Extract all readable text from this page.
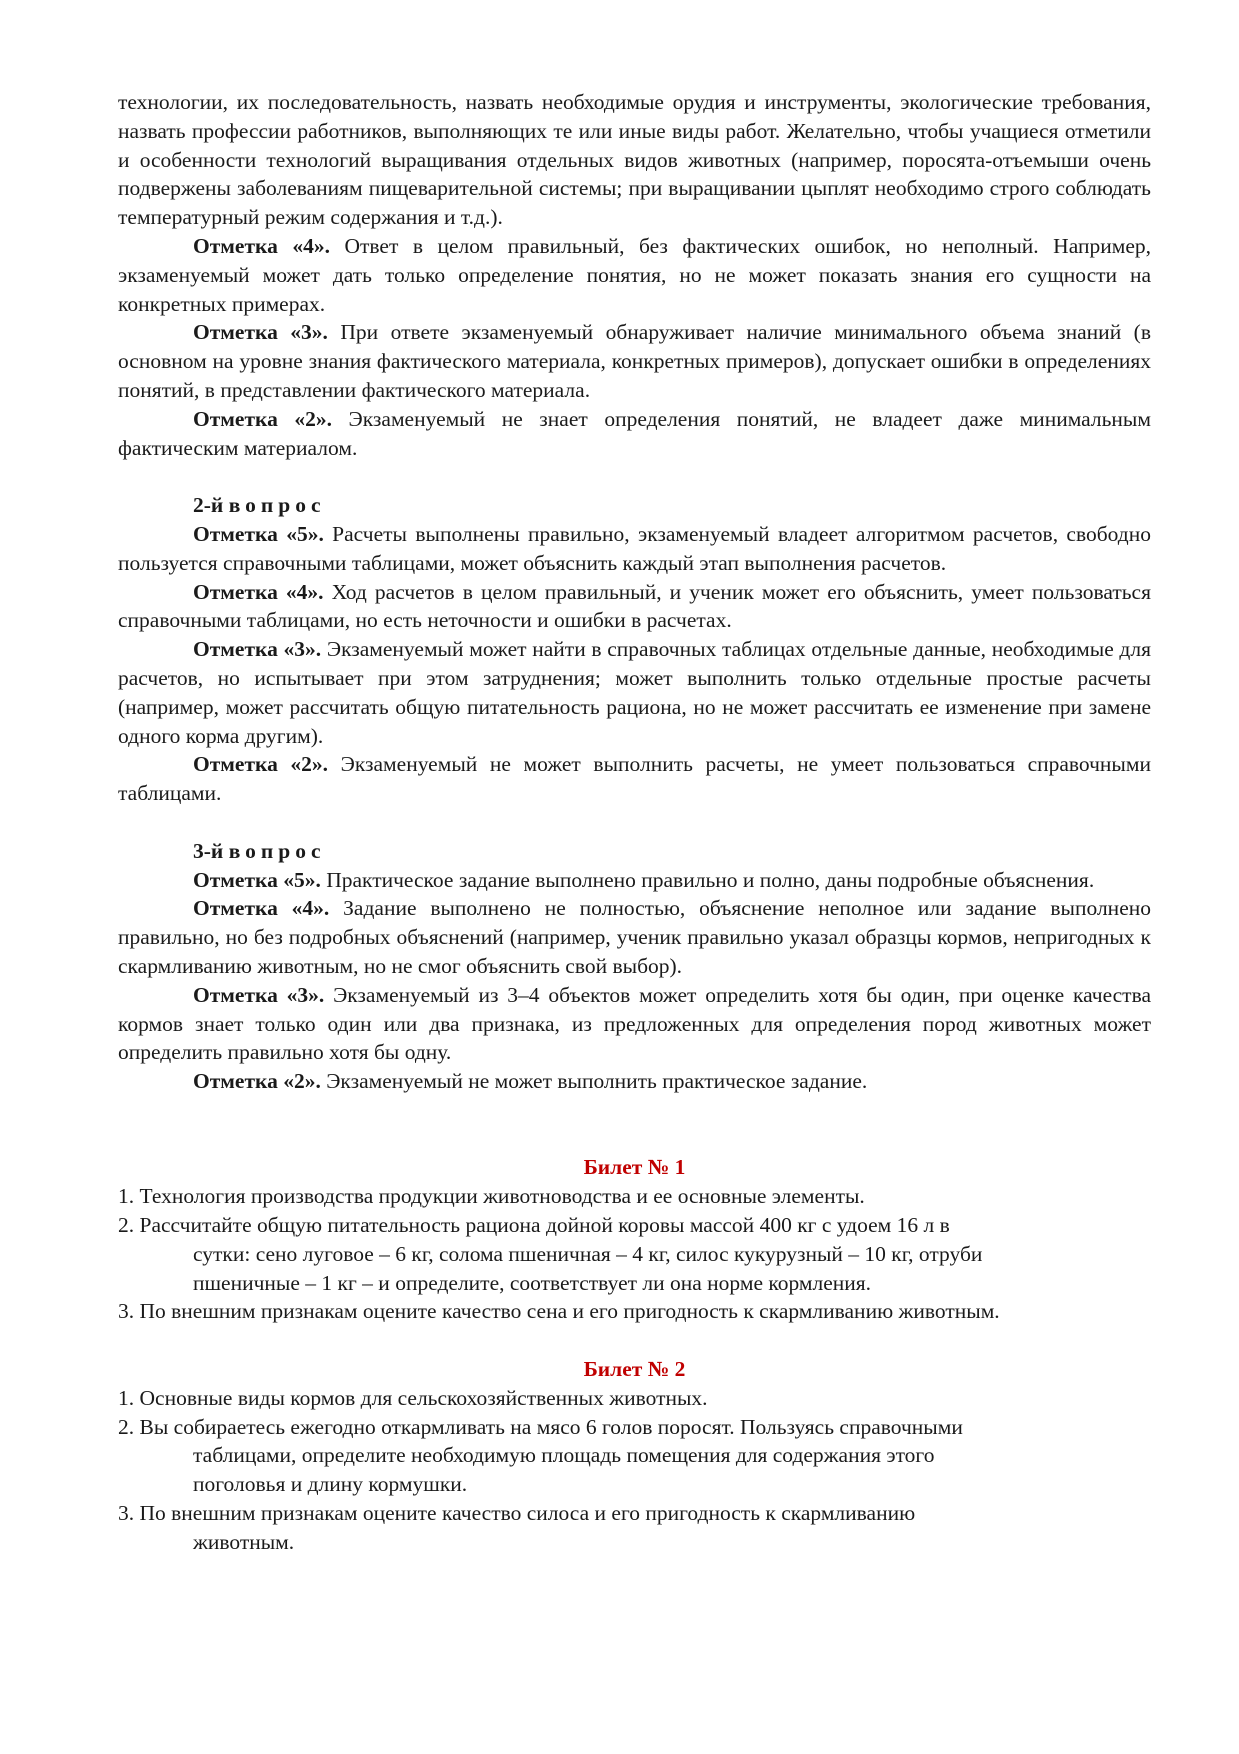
технологии, их последовательность, назвать необходимые орудия и инструменты, экологические требования, назвать профессии работников, выполняющих те или иные виды работ. Желательно, чтобы учащиеся отметили и особенности технологий выращивания отдельных видов животных (например, поросята-отъемыши очень подвержены заболеваниям пищеварительной системы; при выращивании цыплят необходимо строго соблюдать температурный режим содержания и т.д.).

Отметка «4». Ответ в целом правильный, без фактических ошибок, но неполный. Например, экзаменуемый может дать только определение понятия, но не может показать знания его сущности на конкретных примерах.

Отметка «3». При ответе экзаменуемый обнаруживает наличие минимального объема знаний (в основном на уровне знания фактического материала, конкретных примеров), допускает ошибки в определениях понятий, в представлении фактического материала.

Отметка «2». Экзаменуемый не знает определения понятий, не владеет даже минимальным фактическим материалом.

2-й вопрос

Отметка «5». Расчеты выполнены правильно, экзаменуемый владеет алгоритмом расчетов, свободно пользуется справочными таблицами, может объяснить каждый этап выполнения расчетов.

Отметка «4». Ход расчетов в целом правильный, и ученик может его объяснить, умеет пользоваться справочными таблицами, но есть неточности и ошибки в расчетах.

Отметка «3». Экзаменуемый может найти в справочных таблицах отдельные данные, необходимые для расчетов, но испытывает при этом затруднения; может выполнить только отдельные простые расчеты (например, может рассчитать общую питательность рациона, но не может рассчитать ее изменение при замене одного корма другим).

Отметка «2». Экзаменуемый не может выполнить расчеты, не умеет пользоваться справочными таблицами.

3-й вопрос

Отметка «5». Практическое задание выполнено правильно и полно, даны подробные объяснения.

Отметка «4». Задание выполнено не полностью, объяснение неполное или задание выполнено правильно, но без подробных объяснений (например, ученик правильно указал образцы кормов, непригодных к скармливанию животным, но не смог объяснить свой выбор).

Отметка «3». Экзаменуемый из 3–4 объектов может определить хотя бы один, при оценке качества кормов знает только один или два признака, из предложенных для определения пород животных может определить правильно хотя бы одну.

Отметка «2». Экзаменуемый не может выполнить практическое задание.

Билет № 1

1. Технология производства продукции животноводства и ее основные элементы.
2. Рассчитайте общую питательность рациона дойной коровы массой 400 кг с удоем 16 л в
сутки: сено луговое – 6 кг, солома пшеничная – 4 кг, силос кукурузный – 10 кг, отруби
пшеничные – 1 кг – и определите, соответствует ли она норме кормления.
3. По внешним признакам оцените качество сена и его пригодность к скармливанию животным.

Билет № 2

1. Основные виды кормов для сельскохозяйственных животных.
2. Вы собираетесь ежегодно откармливать на мясо 6 голов поросят. Пользуясь справочными
таблицами, определите необходимую площадь помещения для содержания этого
поголовья и длину кормушки.
3. По внешним признакам оцените качество силоса и его пригодность к скармливанию
животным.
